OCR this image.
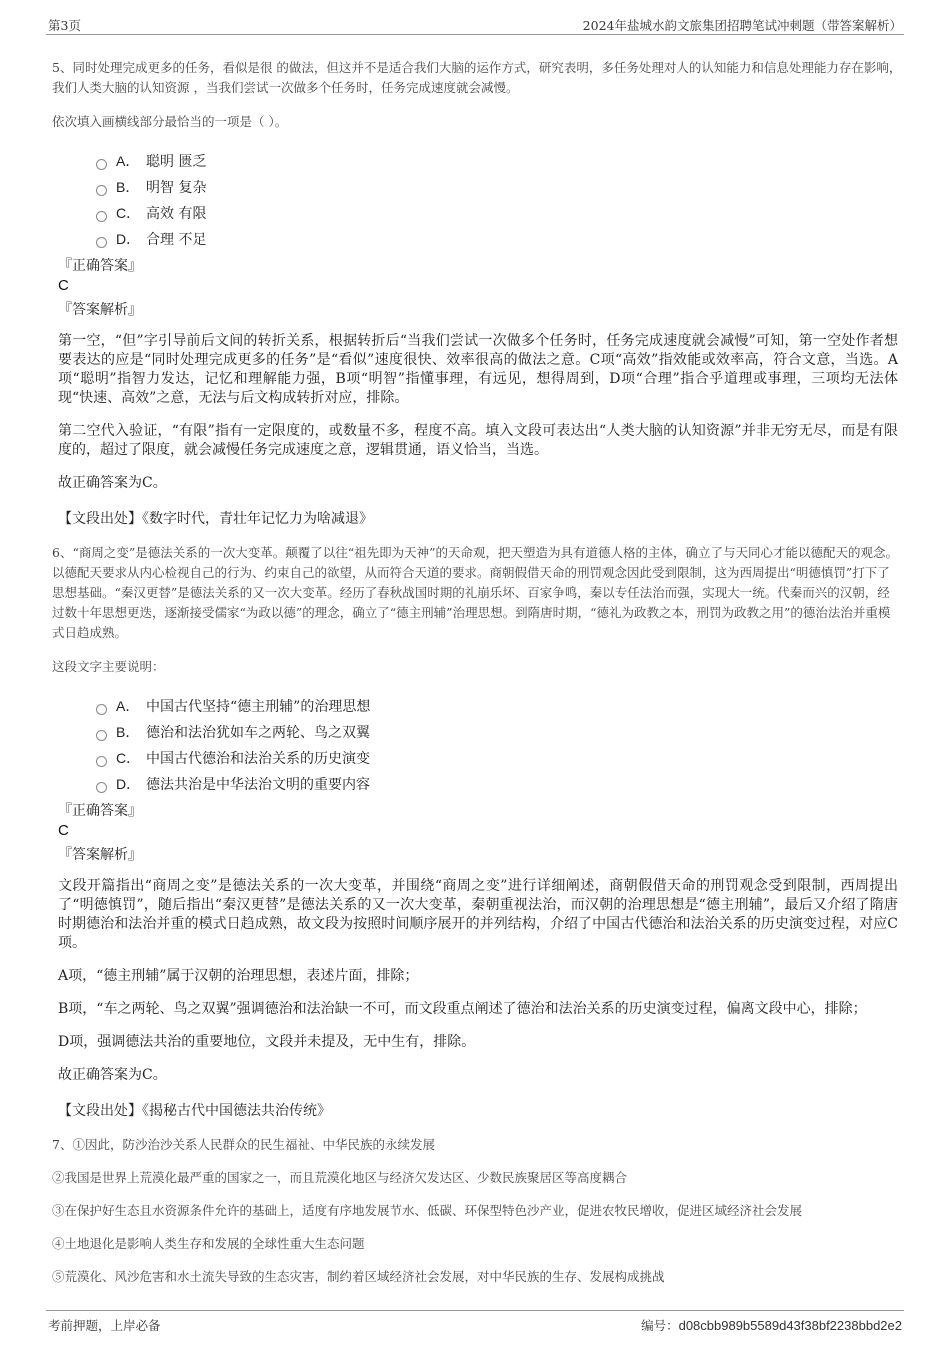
第3页	2024年盐城水韵文旅集团招聘笔试冲刺题（带答案解析）

5、同时处理完成更多的任务，看似是很 的做法，但这并不是适合我们大脑的运作方式，研究表明，多任务处理对人的认知能力和信息处理能力存在影响，我们人类大脑的认知资源 ，当我们尝试一次做多个任务时，任务完成速度就会减慢。

依次填入画横线部分最恰当的一项是（ ）。

A． 聪明 匮乏
B． 明智 复杂
C． 高效 有限
D． 合理 不足
『正确答案』
C
『答案解析』

第一空，“但”字引导前后文间的转折关系，根据转折后“当我们尝试一次做多个任务时，任务完成速度就会减慢”可知，第一空处作者想要表达的应是“同时处理完成更多的任务”是“看似”速度很快、效率很高的做法之意。C项“高效”指效能或效率高，符合文意，当选。A项“聪明”指智力发达，记忆和理解能力强，B项“明智”指懂事理，有远见，想得周到，D项“合理”指合乎道理或事理，三项均无法体现“快速、高效”之意，无法与后文构成转折对应，排除。

第二空代入验证，“有限”指有一定限度的，或数量不多，程度不高。填入文段可表达出“人类大脑的认知资源”并非无穷无尽，而是有限度的，超过了限度，就会减慢任务完成速度之意，逻辑贯通，语义恰当，当选。

故正确答案为C。

【文段出处】《数字时代，青壮年记忆力为啥减退》

6、“商周之变”是德法关系的一次大变革。颠覆了以往“祖先即为天神”的天命观，把天塑造为具有道德人格的主体，确立了与天同心才能以德配天的观念。以德配天要求从内心检视自己的行为、约束自己的欲望，从而符合天道的要求。商朝假借天命的刑罚观念因此受到限制，这为西周提出“明德慎罚”打下了思想基础。“秦汉更替”是德法关系的又一次大变革。经历了春秋战国时期的礼崩乐坏、百家争鸣，秦以专任法治而强，实现大一统。代秦而兴的汉朝，经过数十年思想更迭，逐渐接受儒家“为政以德”的理念，确立了“德主刑辅”治理思想。到隋唐时期，“德礼为政教之本，刑罚为政教之用”的德治法治并重模式日趋成熟。

这段文字主要说明：

A． 中国古代坚持“德主刑辅”的治理思想
B． 德治和法治犹如车之两轮、鸟之双翼
C． 中国古代德治和法治关系的历史演变
D． 德法共治是中华法治文明的重要内容
『正确答案』
C
『答案解析』

文段开篇指出“商周之变”是德法关系的一次大变革，并围绕“商周之变”进行详细阐述，商朝假借天命的刑罚观念受到限制，西周提出了“明德慎罚”，随后指出“秦汉更替”是德法关系的又一次大变革，秦朝重视法治，而汉朝的治理思想是“德主刑辅”，最后又介绍了隋唐时期德治和法治并重的模式日趋成熟，故文段为按照时间顺序展开的并列结构，介绍了中国古代德治和法治关系的历史演变过程，对应C项。

A项，“德主刑辅”属于汉朝的治理思想，表述片面，排除；

B项，“车之两轮、鸟之双翼”强调德治和法治缺一不可，而文段重点阐述了德治和法治关系的历史演变过程，偏离文段中心，排除；

D项，强调德法共治的重要地位，文段并未提及，无中生有，排除。

故正确答案为C。

【文段出处】《揭秘古代中国德法共治传统》

7、①因此，防沙治沙关系人民群众的民生福祉、中华民族的永续发展

②我国是世界上荒漠化最严重的国家之一，而且荒漠化地区与经济欠发达区、少数民族聚居区等高度耦合

③在保护好生态且水资源条件允许的基础上，适度有序地发展节水、低碳、环保型特色沙产业，促进农牧民增收，促进区域经济社会发展

④土地退化是影响人类生存和发展的全球性重大生态问题

⑤荒漠化、风沙危害和水土流失导致的生态灾害，制约着区域经济社会发展，对中华民族的生存、发展构成挑战

考前押题，上岸必备	编号：d08cbb989b5589d43f38bf2238bbd2e2
